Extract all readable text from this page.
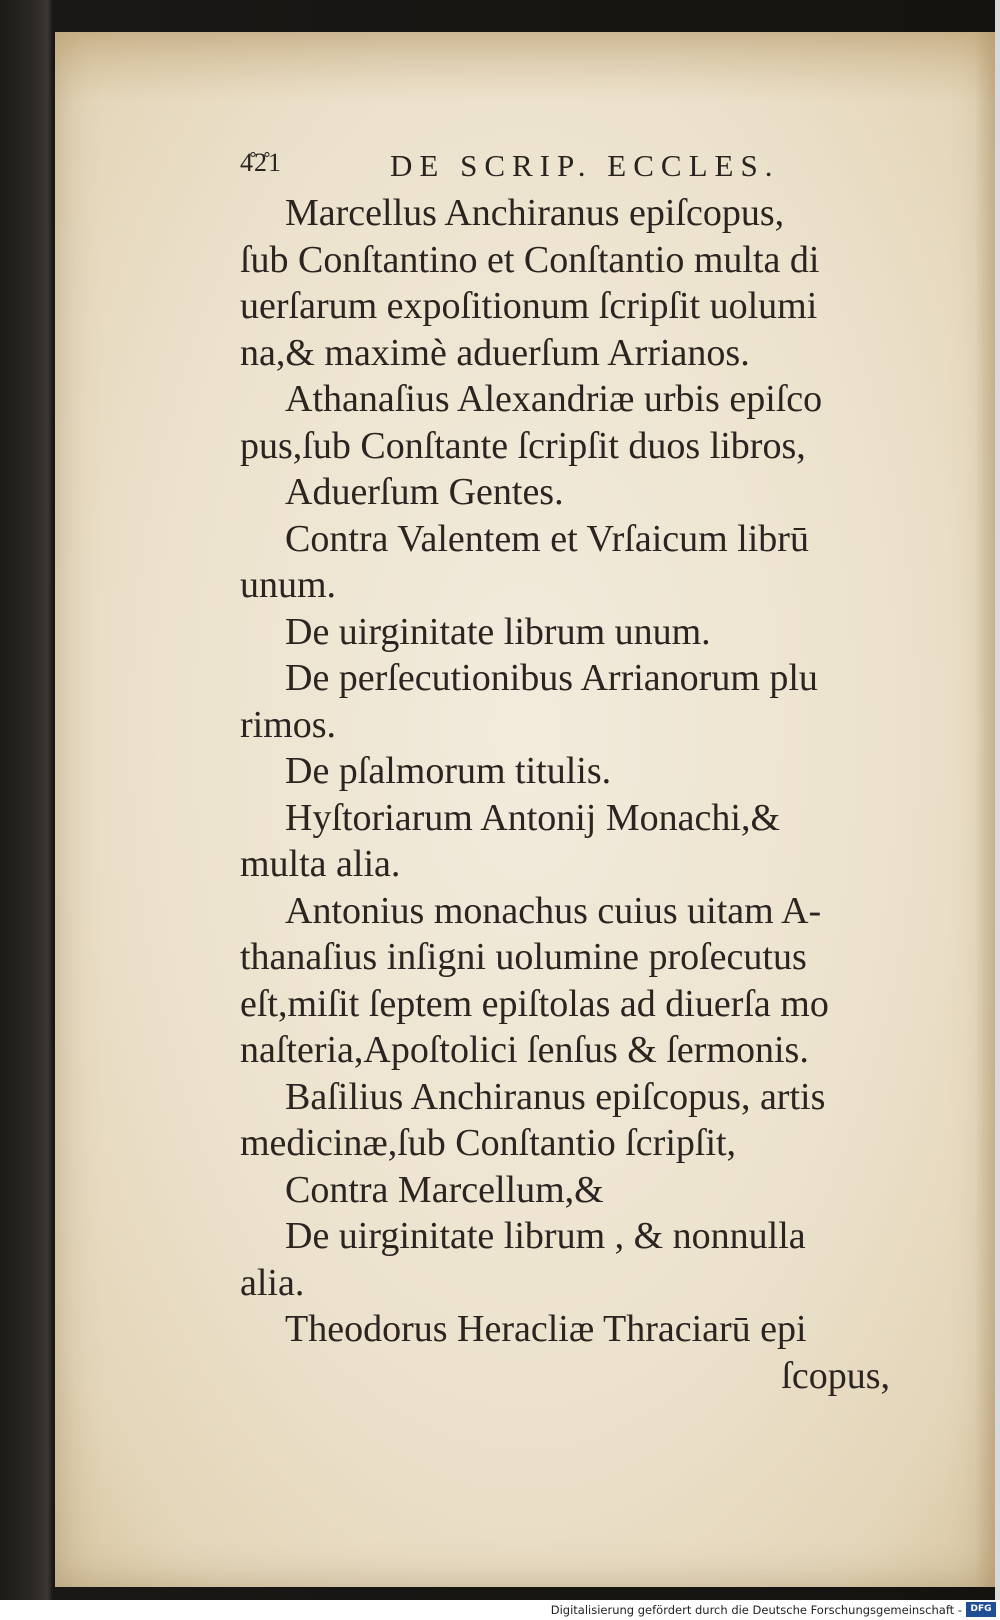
4̊2̊1	DE SCRIP. ECCLES.
Marcellus Anchiranus epiſcopus,
ſub Conſtantino et Conſtantio multa di
uerſarum expoſitionum ſcripſit uolumi
na,& maximè aduerſum Arrianos.
Athanaſius Alexandriæ urbis epiſco
pus,ſub Conſtante ſcripſit duos libros,
Aduerſum Gentes.
Contra Valentem et Vrſaicum librū
unum.
De uirginitate librum unum.
De perſecutionibus Arrianorum plu
rimos.
De pſalmorum titulis.
Hyſtoriarum Antonij Monachi,&
multa alia.
Antonius monachus cuius uitam A-
thanaſius inſigni uolumine proſecutus
eſt,miſit ſeptem epiſtolas ad diuerſa mo
naſteria,Apoſtolici ſenſus & ſermonis.
Baſilius Anchiranus epiſcopus, artis
medicinæ,ſub Conſtantio ſcripſit,
Contra Marcellum,&
De uirginitate librum , & nonnulla
alia.
Theodorus Heracliæ Thraciarū epi
ſcopus,
Digitalisierung gefördert durch die Deutsche Forschungsgemeinschaft - DFG
